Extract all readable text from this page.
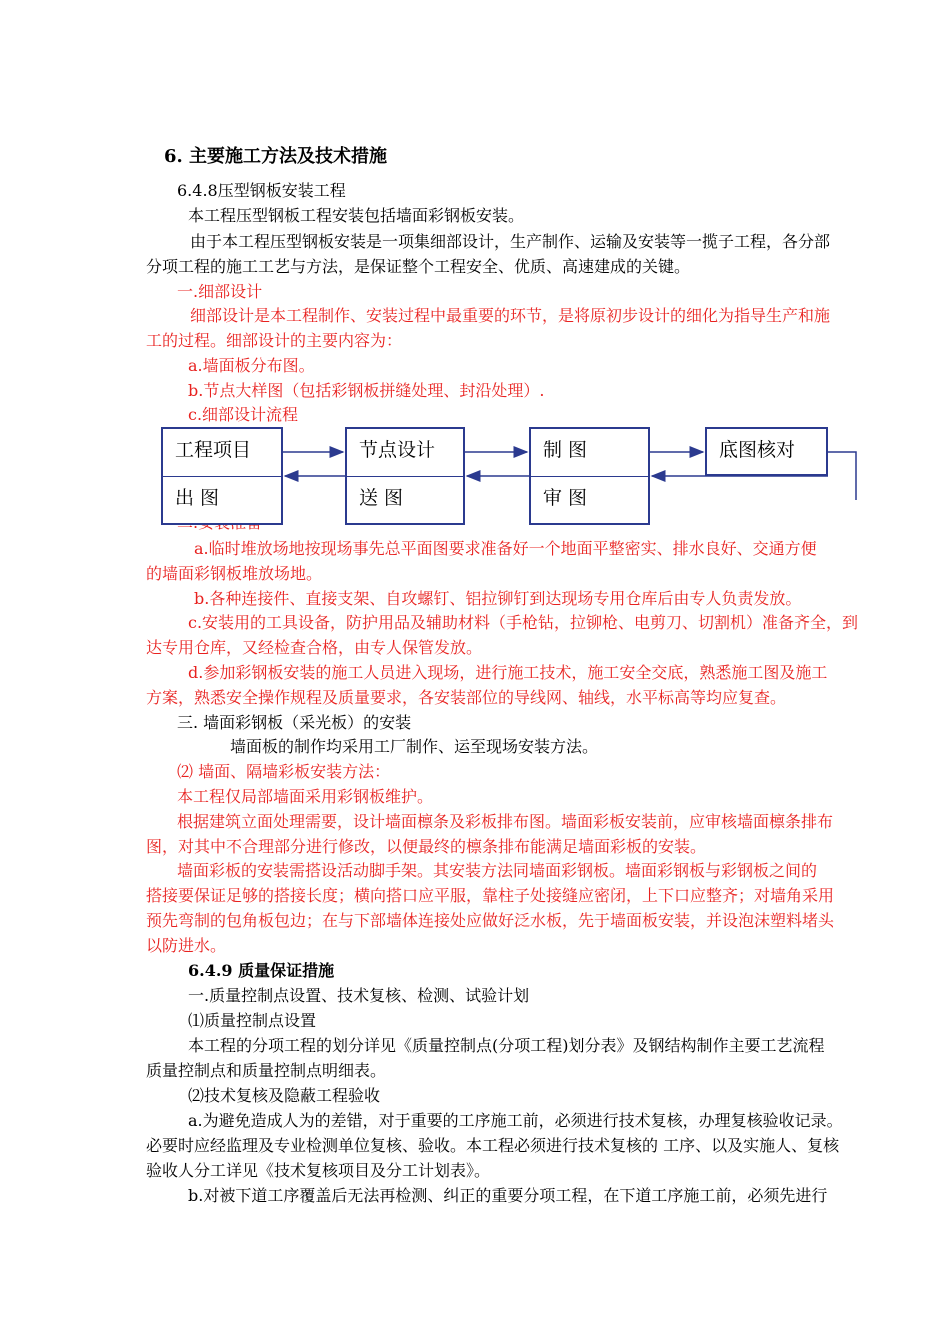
6. 主要施工方法及技术措施
6.4.8压型钢板安装工程
本工程压型钢板工程安装包括墙面彩钢板安装。
由于本工程压型钢板安装是一项集细部设计，生产制作、运输及安装等一揽子工程，各分部
分项工程的施工工艺与方法，是保证整个工程安全、优质、高速建成的关键。
一.细部设计
细部设计是本工程制作、安装过程中最重要的环节，是将原初步设计的细化为指导生产和施
工的过程。细部设计的主要内容为：
a.墙面板分布图。
b.节点大样图（包括彩钢板拼缝处理、封沿处理）.
c.细部设计流程
工程项目
出 图
节点设计
送 图
制 图
审 图
底图核对
a.临时堆放场地按现场事先总平面图要求准备好一个地面平整密实、排水良好、交通方便
的墙面彩钢板堆放场地。
b.各种连接件、直接支架、自攻螺钉、铝拉铆钉到达现场专用仓库后由专人负责发放。
c.安装用的工具设备，防护用品及辅助材料（手枪钻，拉铆枪、电剪刀、切割机）准备齐全，到
达专用仓库，又经检查合格，由专人保管发放。
d.参加彩钢板安装的施工人员进入现场，进行施工技术，施工安全交底，熟悉施工图及施工
方案，熟悉安全操作规程及质量要求，各安装部位的导线网、轴线，水平标高等均应复查。
三. 墙面彩钢板（采光板）的安装
墙面板的制作均采用工厂制作、运至现场安装方法。
⑵ 墙面、隔墙彩板安装方法：
本工程仅局部墙面采用彩钢板维护。
根据建筑立面处理需要，设计墙面檩条及彩板排布图。墙面彩板安装前，应审核墙面檩条排布
图，对其中不合理部分进行修改，以便最终的檩条排布能满足墙面彩板的安装。
墙面彩板的安装需搭设活动脚手架。其安装方法同墙面彩钢板。墙面彩钢板与彩钢板之间的
搭接要保证足够的搭接长度；横向搭口应平服，靠柱子处接缝应密闭，上下口应整齐；对墙角采用
预先弯制的包角板包边；在与下部墙体连接处应做好泛水板，先于墙面板安装，并设泡沫塑料堵头
以防进水。
6.4.9 质量保证措施
一.质量控制点设置、技术复核、检测、试验计划
⑴质量控制点设置
本工程的分项工程的划分详见《质量控制点(分项工程)划分表》及钢结构制作主要工艺流程
质量控制点和质量控制点明细表。
⑵技术复核及隐蔽工程验收
a.为避免造成人为的差错，对于重要的工序施工前，必须进行技术复核，办理复核验收记录。
必要时应经监理及专业检测单位复核、验收。本工程必须进行技术复核的 工序、以及实施人、复核
验收人分工详见《技术复核项目及分工计划表》。
b.对被下道工序覆盖后无法再检测、纠正的重要分项工程，在下道工序施工前，必须先进行
